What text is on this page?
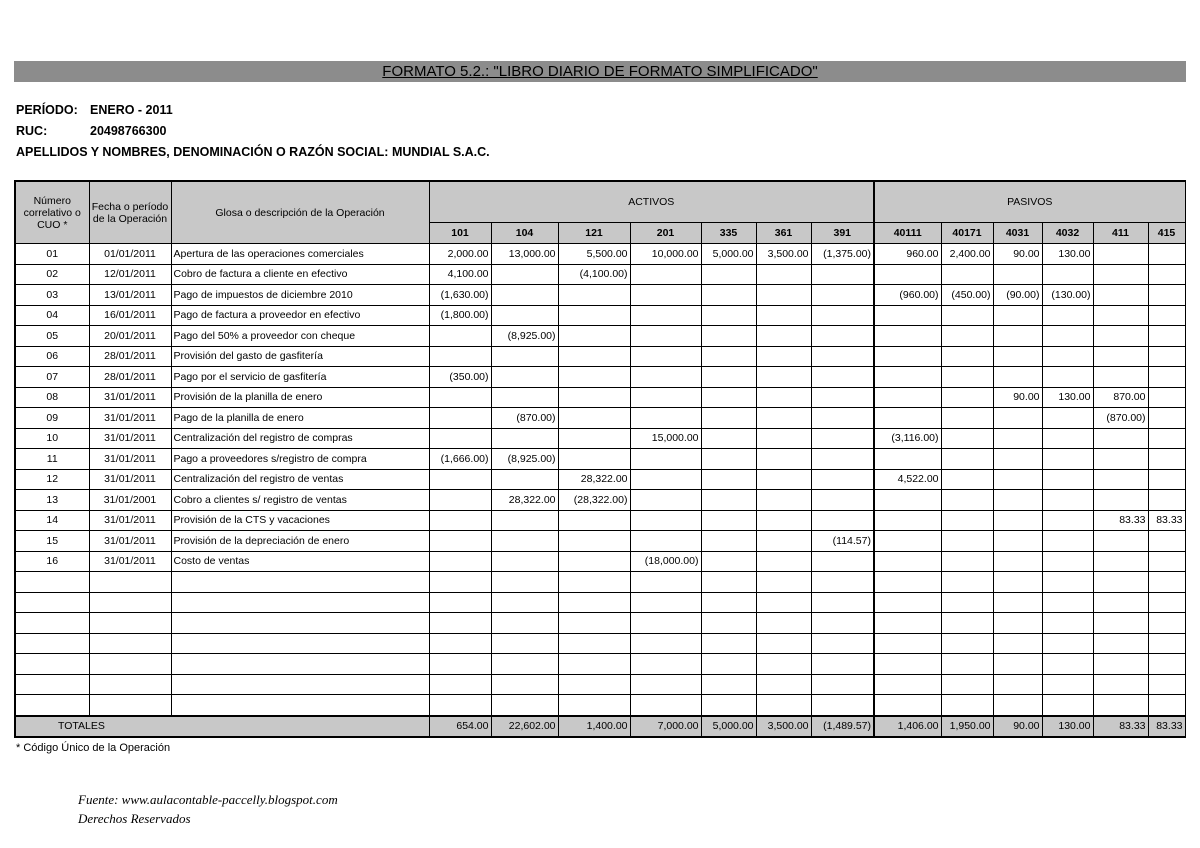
FORMATO 5.2.: "LIBRO DIARIO DE FORMATO SIMPLIFICADO"
PERÍODO: ENERO - 2011
RUC:	20498766300
APELLIDOS Y NOMBRES, DENOMINACIÓN O RAZÓN SOCIAL: MUNDIAL S.A.C.
Número correlativo o CUO *	Fecha o período de la Operación	Glosa o descripción de la Operación	ACTIVOS							PASIVOS					
			101	104	121	201	335	361	391	40111	40171	4031	4032	411	415
01	01/01/2011	Apertura de las operaciones comerciales	2,000.00	13,000.00	5,500.00	10,000.00	5,000.00	3,500.00	(1,375.00)	960.00	2,400.00	90.00	130.00		
02	12/01/2011	Cobro de factura a cliente en efectivo	4,100.00		(4,100.00)										
03	13/01/2011	Pago de impuestos de diciembre 2010	(1,630.00)							(960.00)	(450.00)	(90.00)	(130.00)		
04	16/01/2011	Pago de factura a proveedor en efectivo	(1,800.00)												
05	20/01/2011	Pago del 50% a proveedor con cheque		(8,925.00)											
06	28/01/2011	Provisión del gasto de gasfitería													
07	28/01/2011	Pago por el servicio de gasfitería	(350.00)												
08	31/01/2011	Provisión de la planilla de enero										90.00	130.00	870.00	
09	31/01/2011	Pago de la planilla de enero		(870.00)										(870.00)	
10	31/01/2011	Centralización del registro de compras				15,000.00				(3,116.00)					
11	31/01/2011	Pago a proveedores s/registro de compra	(1,666.00)	(8,925.00)											
12	31/01/2011	Centralización del registro de ventas			28,322.00					4,522.00					
13	31/01/2001	Cobro a clientes s/ registro de ventas		28,322.00	(28,322.00)										
14	31/01/2011	Provisión de la CTS y vacaciones												83.33	83.33
15	31/01/2011	Provisión de la depreciación de enero							(114.57)						
16	31/01/2011	Costo de ventas				(18,000.00)									

TOTALES			654.00	22,602.00	1,400.00	7,000.00	5,000.00	3,500.00	(1,489.57)	1,406.00	1,950.00	90.00	130.00	83.33	83.33
* Código Único de la Operación
Fuente: www.aulacontable-paccelly.blogspot.com
Derechos Reservados
